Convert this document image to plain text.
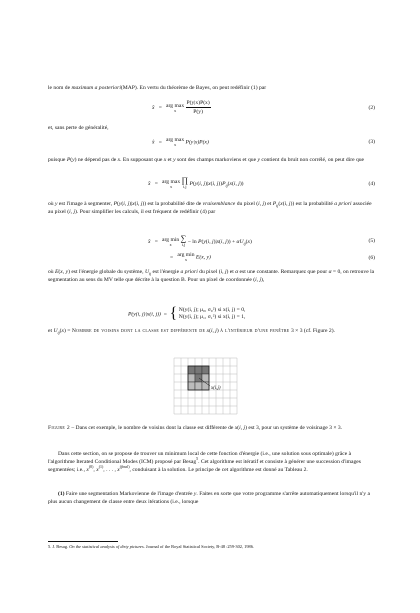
le nom de maximum a posteriori(MAP). En vertu du théorème de Bayes, on peut redéfinir (1) par
x̂ = arg max
x
	$\frac{P(y|x)P(x)}{P(y)}$	(2)
et, sans perte de généralité,
x̂ = arg max
x	P(y|x)P(x)	(3)
puisque P(y) ne dépend pas de x. En supposant que x et y sont des champs markoviens et que y contient du bruit non corrélé, on peut dire que
x̂ = arg max
x
∏
i,j P(y(i, j)|x(i, $j))P_{ij}(x(i$, j))	(4)
où y est l'image à segmenter, P(y(i, j)|x(i, j)) est la probabilité dite de vraisemblance du pixel (i, j) et $P_{ij}(x(i$, j)) est la probabilité a priori associée au pixel (i, j). Pour simplifier les calculs, il est fréquent de redéfinir (4) par
x̂ = arg min
x
∑
i,j − ln P(y(i, j)|x(i, $j)) + \alpha U_{ij}(x)$	(5)
= arg min
x	E(x, y)	(6)
où E(x, y) est l'énergie globale du système, $U_{ij}$ est l'énergie a priori du pixel (i, j) et α est une constante. Remarquez que pour α = 0, on retrouve la segmentation au sens du MV telle que décrite à la question B. Pour un pixel de coordonnée (i, j),
P(y(i, j)|x(i, j)) = { N(y(i, j); μ₀, σ₀²) si x(i, j) = 0,
N(y(i, j); μ₁, σ₁²) si x(i, j) = 1,
et $U_{ij}(x)$ = Nombre de voisins dont la classe est différente de x(i, j) à l'intérieur d'une fenêtre 3 × 3 (cf. Figure 2).
x(i,j)
Figure 2 – Dans cet exemple, le nombre de voisins dont la classe est différente de x(i, j) est 3, pour un système de voisinage 3 × 3.
Dans cette section, on se propose de trouver un minimum local de cette fonction d'énergie (i.e., une solution sous optimale) grâce à l'algorithme Iterated Conditional Modes (ICM) proposé par Besag$^5$. Cet algorithme est itératif et consiste à générer une succession d'images segmentées; i.e., $x^{(0)}$, $x^{(1)}$, . . . , $x^{(final)}$, conduisant à la solution. Le principe de cet algorithme est donné au Tableau 2.
(1) Faire une segmentation Markovienne de l'image d'entrée y. Faites en sorte que votre programme s'arrête automatiquement lorsqu'il n'y a plus aucun changement de classe entre deux itérations (i.e., lorsque
5. J. Besag. On the statistical analysis of dirty pictures. Journal of the Royal Statistical Society, B-48 :259-302, 1986.
